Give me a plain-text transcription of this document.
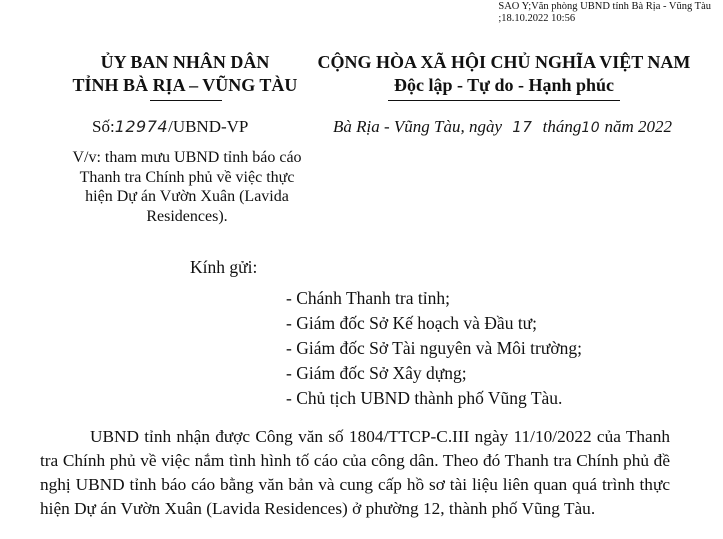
SAO Y;Văn phòng UBND tỉnh Bà Rịa - Vũng Tàu
;18.10.2022 10:56
ỦY BAN NHÂN DÂN
TỈNH BÀ RỊA – VŨNG TÀU
Số:12974/UBND-VP
V/v: tham mưu UBND tỉnh báo cáo
Thanh tra Chính phủ về việc thực
hiện Dự án Vườn Xuân (Lavida
Residences).
CỘNG HÒA XÃ HỘI CHỦ NGHĨA VIỆT NAM
Độc lập - Tự do - Hạnh phúc
Bà Rịa - Vũng Tàu, ngày 17 tháng10 năm 2022
Kính gửi:
- Chánh Thanh tra tỉnh;
- Giám đốc Sở Kế hoạch và Đầu tư;
- Giám đốc Sở Tài nguyên và Môi trường;
- Giám đốc Sở Xây dựng;
- Chủ tịch UBND thành phố Vũng Tàu.
UBND tỉnh nhận được Công văn số 1804/TTCP-C.III ngày 11/10/2022 của Thanh tra Chính phủ về việc nắm tình hình tố cáo của công dân. Theo đó Thanh tra Chính phủ đề nghị UBND tỉnh báo cáo bằng văn bản và cung cấp hồ sơ tài liệu liên quan quá trình thực hiện Dự án Vườn Xuân (Lavida Residences) ở phường 12, thành phố Vũng Tàu.
